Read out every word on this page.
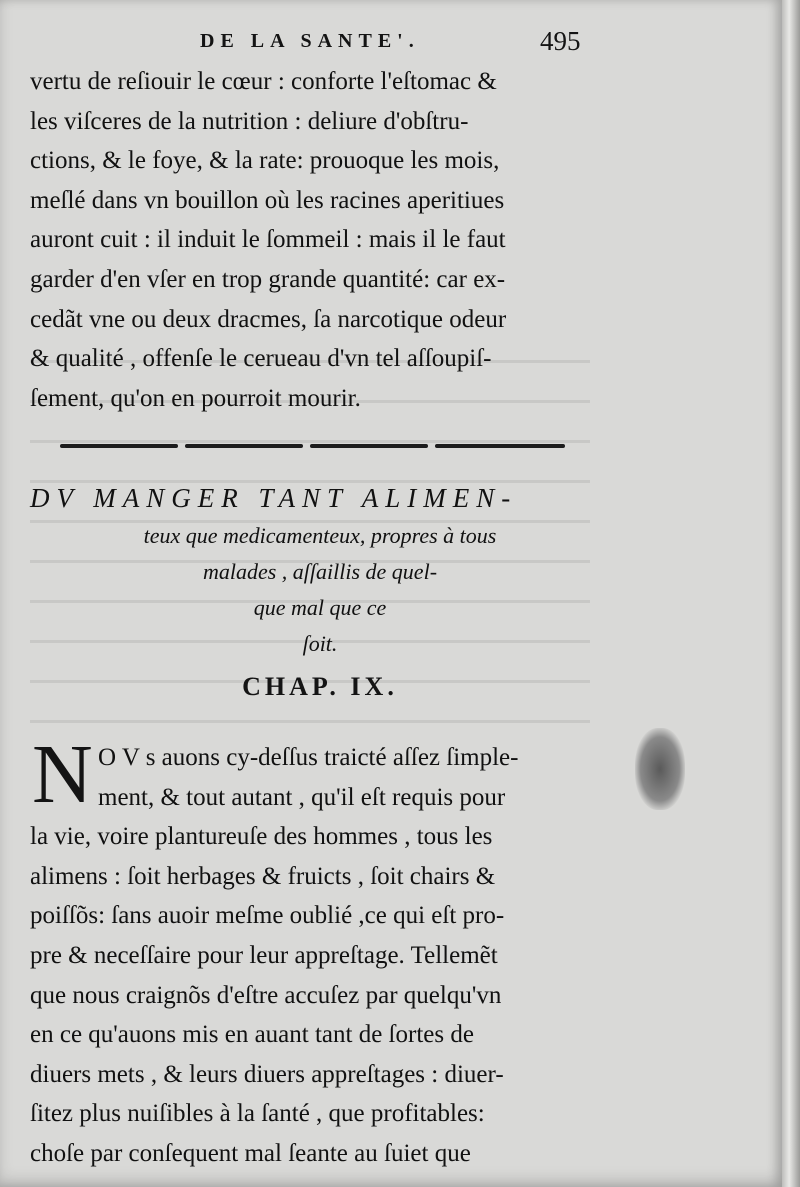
DE LA SANTE'.	495
vertu de reſiouir le cœur : conforte l'eſtomac &
les viſceres de la nutrition : deliure d'obſtru-
ctions, & le foye, & la rate: prouoque les mois,
meſlé dans vn bouillon où les racines aperitiues
auront cuit : il induit le ſommeil : mais il le faut
garder d'en vſer en trop grande quantité: car ex-
cedãt vne ou deux dracmes, ſa narcotique odeur
& qualité , offenſe le cerueau d'vn tel aſſoupiſ-
ſement, qu'on en pourroit mourir.
DV MANGER TANT ALIMEN-
teux que medicamenteux, propres à tous
malades , aſſaillis de quel-
que mal que ce
ſoit.
CHAP. IX.
N O V s auons cy-deſſus traicté aſſez ſimple-
ment, & tout autant , qu'il eſt requis pour
la vie, voire plantureuſe des hommes , tous les
alimens : ſoit herbages & fruicts , ſoit chairs &
poiſſõs: ſans auoir meſme oublié ,ce qui eſt pro-
pre & neceſſaire pour leur appreſtage. Tellemẽt
que nous craignõs d'eſtre accuſez par quelqu'vn
en ce qu'auons mis en auant tant de ſortes de
diuers mets , & leurs diuers appreſtages : diuer-
ſitez plus nuiſibles à la ſanté , que profitables:
choſe par conſequent mal ſeante au ſuiet que
